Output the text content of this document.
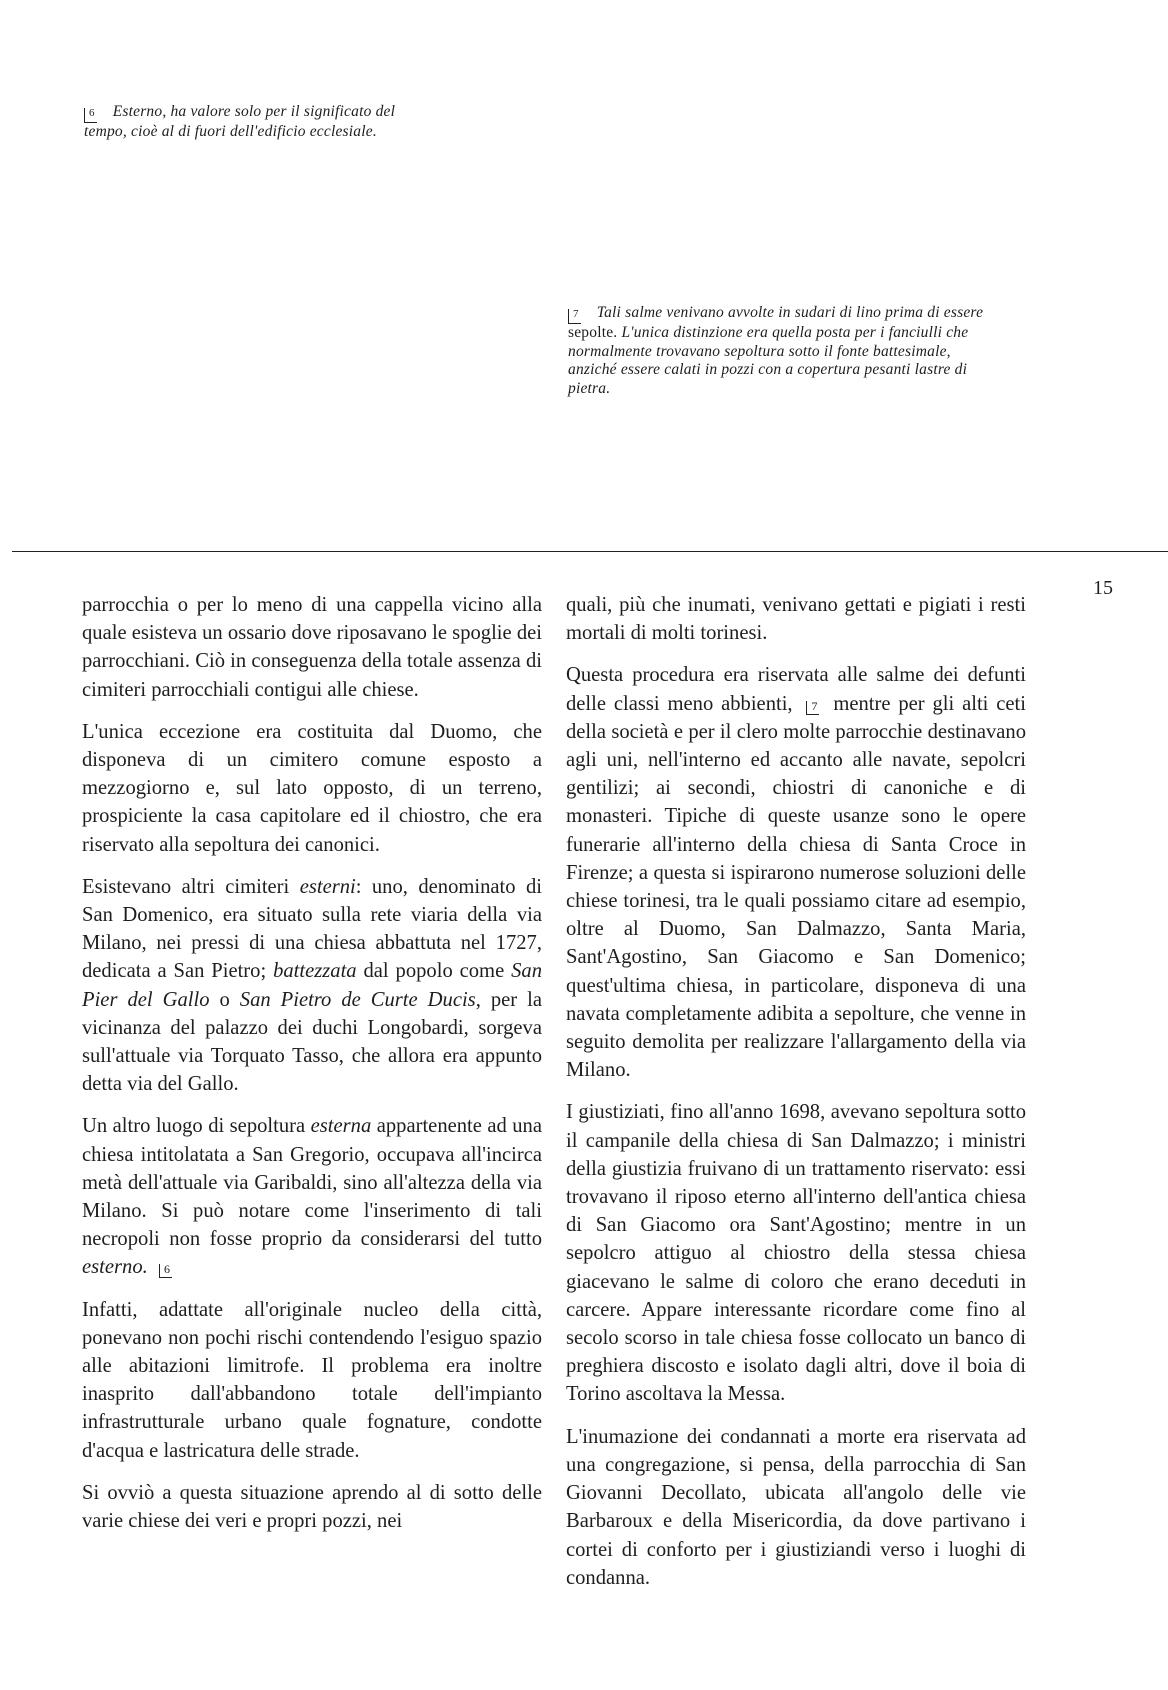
6 Esterno, ha valore solo per il significato del tempo, cioè al di fuori dell'edificio ecclesiale.
7 Tali salme venivano avvolte in sudari di lino prima di essere sepolte. L'unica distinzione era quella posta per i fanciulli che normalmente trovavano sepoltura sotto il fonte battesimale, anziché essere calati in pozzi con a copertura pesanti lastre di pietra.
15

parrocchia o per lo meno di una cappella vicino alla quale esisteva un ossario dove riposavano le spoglie dei parrocchiani. Ciò in conseguenza della totale assenza di cimiteri parrocchiali contigui alle chiese.

L'unica eccezione era costituita dal Duomo, che disponeva di un cimitero comune esposto a mezzogiorno e, sul lato opposto, di un terreno, prospiciente la casa capitolare ed il chiostro, che era riservato alla sepoltura dei canonici.

Esistevano altri cimiteri esterni: uno, denominato di San Domenico, era situato sulla rete viaria della via Milano, nei pressi di una chiesa abbattuta nel 1727, dedicata a San Pietro; battezzata dal popolo come San Pier del Gallo o San Pietro de Curte Ducis, per la vicinanza del palazzo dei duchi Longobardi, sorgeva sull'attuale via Torquato Tasso, che allora era appunto detta via del Gallo.

Un altro luogo di sepoltura esterna appartenente ad una chiesa intitolatata a San Gregorio, occupava all'incirca metà dell'attuale via Garibaldi, sino all'altezza della via Milano. Si può notare come l'inserimento di tali necropoli non fosse proprio da considerarsi del tutto esterno. 6

Infatti, adattate all'originale nucleo della città, ponevano non pochi rischi contendendo l'esiguo spazio alle abitazioni limitrofe. Il problema era inoltre inasprito dall'abbandono totale dell'impianto infrastrutturale urbano quale fognature, condotte d'acqua e lastricatura delle strade.

Si ovviò a questa situazione aprendo al di sotto delle varie chiese dei veri e propri pozzi, nei

quali, più che inumati, venivano gettati e pigiati i resti mortali di molti torinesi.

Questa procedura era riservata alle salme dei defunti delle classi meno abbienti, 7 mentre per gli alti ceti della società e per il clero molte parrocchie destinavano agli uni, nell'interno ed accanto alle navate, sepolcri gentilizi; ai secondi, chiostri di canoniche e di monasteri. Tipiche di queste usanze sono le opere funerarie all'interno della chiesa di Santa Croce in Firenze; a questa si ispirarono numerose soluzioni delle chiese torinesi, tra le quali possiamo citare ad esempio, oltre al Duomo, San Dalmazzo, Santa Maria, Sant'Agostino, San Giacomo e San Domenico; quest'ultima chiesa, in particolare, disponeva di una navata completamente adibita a sepolture, che venne in seguito demolita per realizzare l'allargamento della via Milano.

I giustiziati, fino all'anno 1698, avevano sepoltura sotto il campanile della chiesa di San Dalmazzo; i ministri della giustizia fruivano di un trattamento riservato: essi trovavano il riposo eterno all'interno dell'antica chiesa di San Giacomo ora Sant'Agostino; mentre in un sepolcro attiguo al chiostro della stessa chiesa giacevano le salme di coloro che erano deceduti in carcere. Appare interessante ricordare come fino al secolo scorso in tale chiesa fosse collocato un banco di preghiera discosto e isolato dagli altri, dove il boia di Torino ascoltava la Messa.

L'inumazione dei condannati a morte era riservata ad una congregazione, si pensa, della parrocchia di San Giovanni Decollato, ubicata all'angolo delle vie Barbaroux e della Misericordia, da dove partivano i cortei di conforto per i giustiziandi verso i luoghi di condanna.
